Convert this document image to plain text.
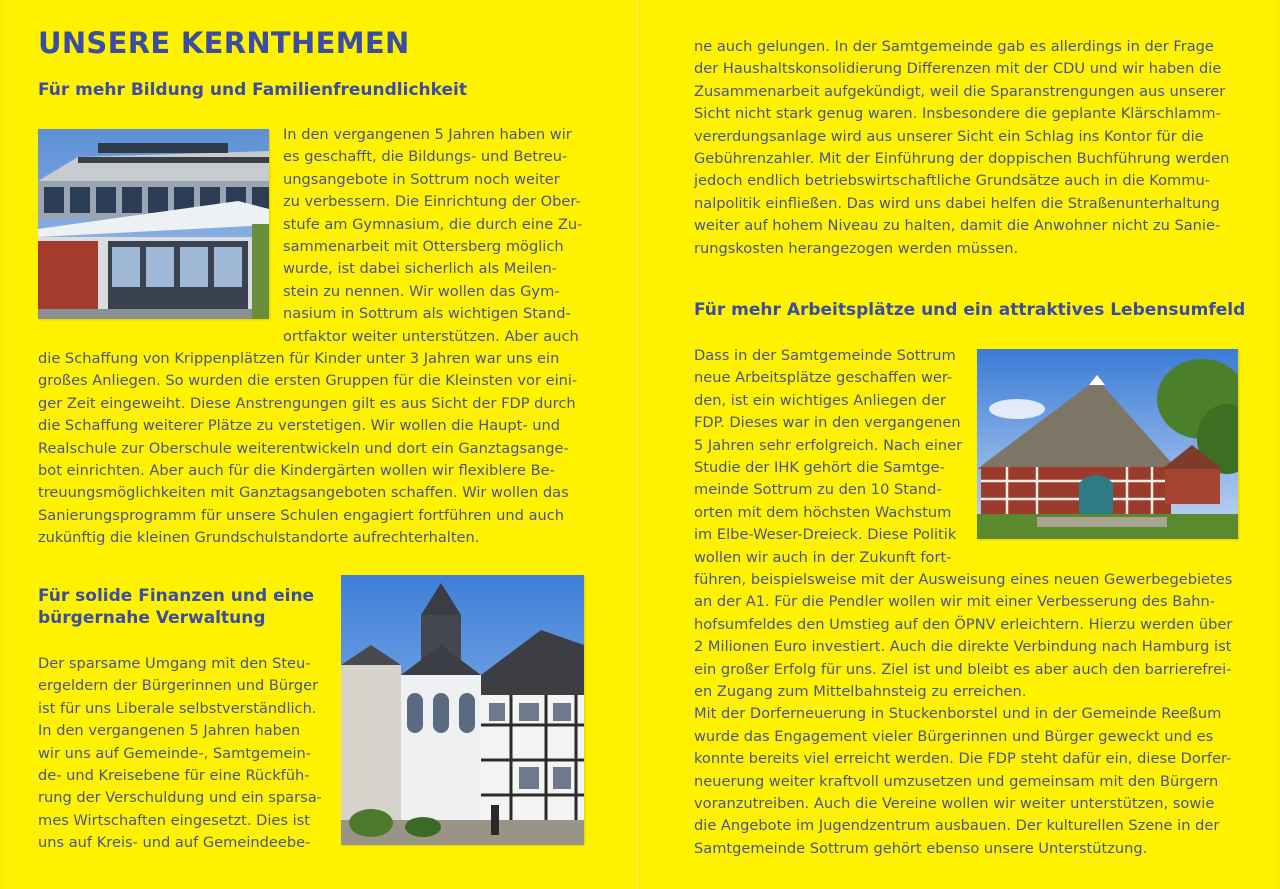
UNSERE KERNTHEMEN
Für mehr Bildung und Familienfreundlichkeit
In den vergangenen 5 Jahren haben wir
es geschafft, die Bildungs- und Betreu-
ungsangebote in Sottrum noch weiter
zu verbessern. Die Einrichtung der Ober-
stufe am Gymnasium, die durch eine Zu-
sammenarbeit mit Ottersberg möglich
wurde, ist dabei sicherlich als Meilen-
stein zu nennen. Wir wollen das Gym-
nasium in Sottrum als wichtigen Stand-
ortfaktor weiter unterstützen. Aber auch
die Schaffung von Krippenplätzen für Kinder unter 3 Jahren war uns ein
großes Anliegen. So wurden die ersten Gruppen für die Kleinsten vor eini-
ger Zeit eingeweiht. Diese Anstrengungen gilt es aus Sicht der FDP durch
die Schaffung weiterer Plätze zu verstetigen. Wir wollen die Haupt- und
Realschule zur Oberschule weiterentwickeln und dort ein Ganztagsange-
bot einrichten. Aber auch für die Kindergärten wollen wir flexiblere Be-
treuungsmöglichkeiten mit Ganztagsangeboten schaffen. Wir wollen das
Sanierungsprogramm für unsere Schulen engagiert fortführen und auch
zukünftig die kleinen Grundschulstandorte aufrechterhalten.
Für solide Finanzen und eine
bürgernahe Verwaltung
Der sparsame Umgang mit den Steu-
ergeldern der Bürgerinnen und Bürger
ist für uns Liberale selbstverständlich.
In den vergangenen 5 Jahren haben
wir uns auf Gemeinde-, Samtgemein-
de- und Kreisebene für eine Rückfüh-
rung der Verschuldung und ein sparsa-
mes Wirtschaften eingesetzt. Dies ist
uns auf Kreis- und auf Gemeindeebe-
ne auch gelungen. In der Samtgemeinde gab es allerdings in der Frage
der Haushaltskonsolidierung Differenzen mit der CDU und wir haben die
Zusammenarbeit aufgekündigt, weil die Sparanstrengungen aus unserer
Sicht nicht stark genug waren. Insbesondere die geplante Klärschlamm-
vererdungsanlage wird aus unserer Sicht ein Schlag ins Kontor für die
Gebührenzahler. Mit der Einführung der doppischen Buchführung werden
jedoch endlich betriebswirtschaftliche Grundsätze auch in die Kommu-
nalpolitik einfließen. Das wird uns dabei helfen die Straßenunterhaltung
weiter auf hohem Niveau zu halten, damit die Anwohner nicht zu Sanie-
rungskosten herangezogen werden müssen.
Für mehr Arbeitsplätze und ein attraktives Lebensumfeld
Dass in der Samtgemeinde Sottrum
neue Arbeitsplätze geschaffen wer-
den, ist ein wichtiges Anliegen der
FDP. Dieses war in den vergangenen
5 Jahren sehr erfolgreich. Nach einer
Studie der IHK gehört die Samtge-
meinde Sottrum zu den 10 Stand-
orten mit dem höchsten Wachstum
im Elbe-Weser-Dreieck. Diese Politik
wollen wir auch in der Zukunft fort-
führen, beispielsweise mit der Ausweisung eines neuen Gewerbegebietes
an der A1. Für die Pendler wollen wir mit einer Verbesserung des Bahn-
hofsumfeldes den Umstieg auf den ÖPNV erleichtern. Hierzu werden über
2 Milionen Euro investiert. Auch die direkte Verbindung nach Hamburg ist
ein großer Erfolg für uns. Ziel ist und bleibt es aber auch den barrierefrei-
en Zugang zum Mittelbahnsteig zu erreichen.
Mit der Dorferneuerung in Stuckenborstel und in der Gemeinde Reeßum
wurde das Engagement vieler Bürgerinnen und Bürger geweckt und es
konnte bereits viel erreicht werden. Die FDP steht dafür ein, diese Dorfer-
neuerung weiter kraftvoll umzusetzen und gemeinsam mit den Bürgern
voranzutreiben. Auch die Vereine wollen wir weiter unterstützen, sowie
die Angebote im Jugendzentrum ausbauen. Der kulturellen Szene in der
Samtgemeinde Sottrum gehört ebenso unsere Unterstützung.
